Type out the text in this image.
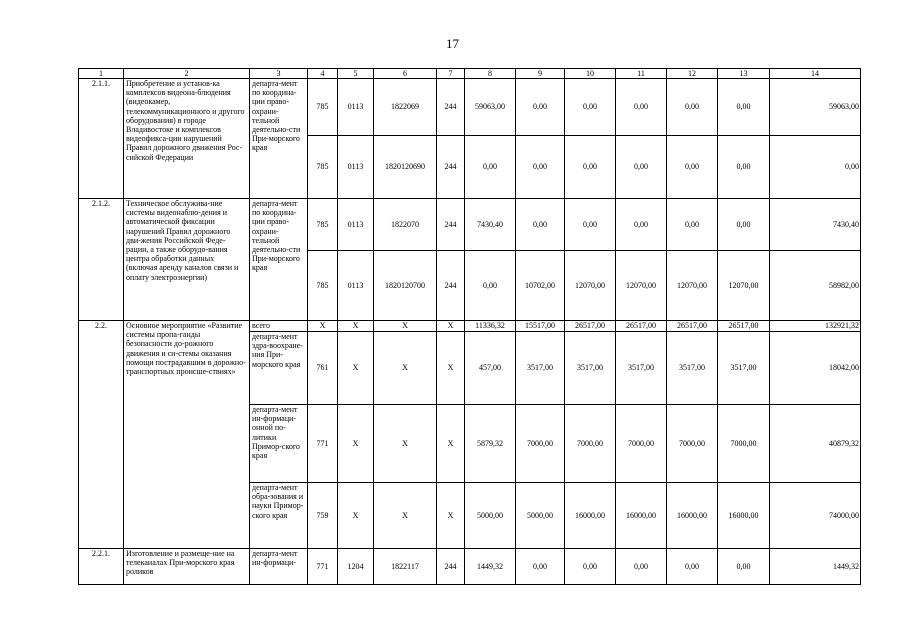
17
1	2	3	4	5	6	7	8	9	10	11	12	13	14
2.1.1.	Приобретение и установ-ка комплексов видеона-блюдения (видеокамер, телекоммуникационного и другого оборудования) в городе Владивостоке и комплексов видеофикса-ции нарушений Правил дорожного движения Рос-сийской Федерации	департа-мент по координа-ции право-охрани-тельной деятельно-сти При-морского края	785	0113	1822069	244	59063,00	0,00	0,00	0,00	0,00	0,00	59063,00
			785	0113	1820120690	244	0,00	0,00	0,00	0,00	0,00	0,00	0,00
2.1.2.	Техническое обслужива-ние системы видеонаблю-дения и автоматической фиксации нарушений Правил дорожного дви-жения Российской Феде-рации, а также оборудо-вания центра обработки данных (включая аренду каналов связи и оплату электроэнергии)	департа-мент по координа-ции право-охрани-тельной деятельно-сти При-морского края	785	0113	1822070	244	7430,40	0,00	0,00	0,00	0,00	0,00	7430,40
			785	0113	1820120700	244	0,00	10702,00	12070,00	12070,00	12070,00	12070,00	58982,00
2.2.	Основное мероприятие «Развитие системы пропа-ганды безопасности до-рожного движения и си-стемы оказания помощи пострадавшим в дорожно-транспортных происше-ствиях»	всего	Х	Х	Х	Х	11336,32	15517,00	26517,00	26517,00	26517,00	26517,00	132921,32
		департа-мент здра-воохране-ния При-морского края	761	Х	Х	Х	457,00	3517,00	3517,00	3517,00	3517,00	3517,00	18042,00
		департа-мент ин-формаци-онной по-литики Примор-ского края	771	Х	Х	Х	5879,32	7000,00	7000,00	7000,00	7000,00	7000,00	40879,32
		департа-мент обра-зования и науки Примор-ского края	759	Х	Х	Х	5000,00	5000,00	16000,00	16000,00	16000,00	16000,00	74000,00
2.2.1.	Изготовление и размеще-ние на телеканалах При-морского края роликов	департа-мент ин-формаци-	771	1204	1822117	244	1449,32	0,00	0,00	0,00	0,00	0,00	1449,32
